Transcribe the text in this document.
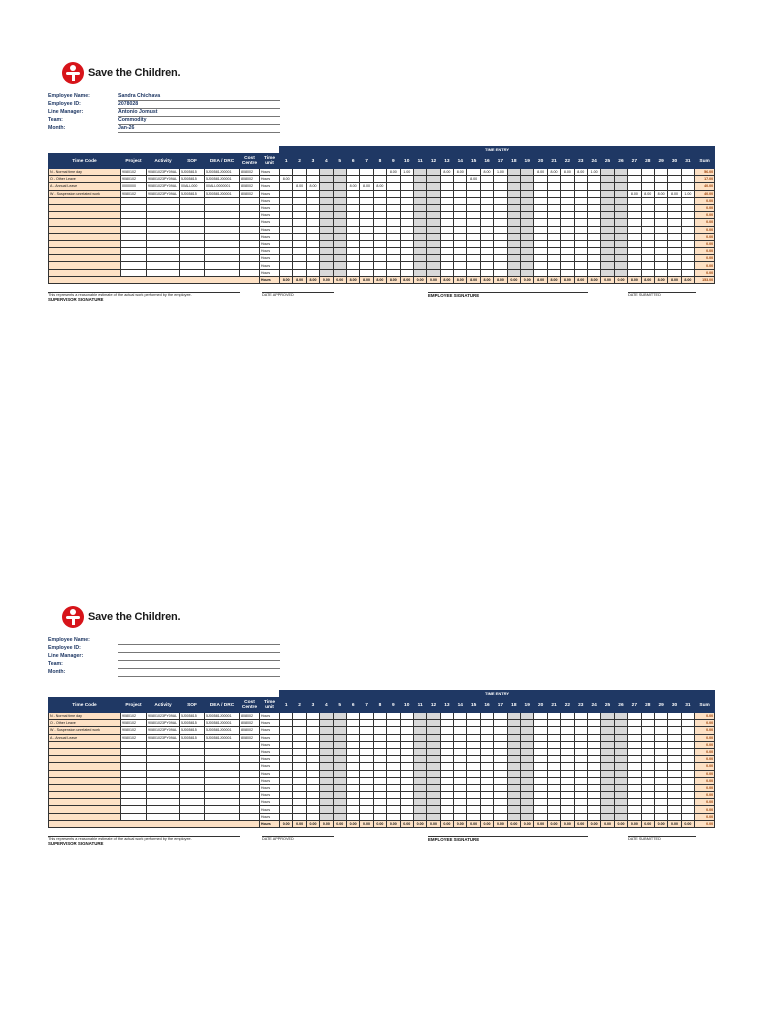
Save the Children.
Employee Name:	Sandra Chichava
Employee ID:	2078028
Line Manager:	Antonio Jomust
Team:	Commodity
Month:	Jan-26
							TIME ENTRY																															
Time Code	Project	Activity	SOF	DEA / DRC	Cost Centre	Time unit	1	2	3	4	5	6	7	8	9	10	11	12	13	14	15	16	17	18	19	20	21	22	23	24	25	26	27	28	29	30	31	Sum
N - Normal time day	9080102	90801023PY09AL	5J005815	5J00581J00001	808002	Hours									8.00	1.00			8.00	8.00		8.00	1.00			8.00	8.00	8.00	8.00	1.00								56.00
O - Other Leave	9080102	90801023PY09AL	5J005815	5J00581J00001	808002	Hours	8.00														8.00																	17.00
A - Annual Leave	0000000	90801023PY09AL	00ALL000	00ALL0000001	808002	Hours		8.00	8.00			8.00	8.00	8.00																								40.00
W - Suspension unrelated work	9080102	90801023PY09AL	5J005815	5J00581J00001	808002	Hours																											8.00	8.00	8.00	8.00	1.00	40.00
						Hours																																0.00
						Hours																																0.00
						Hours																																0.00
						Hours																																0.00
						Hours																																0.00
						Hours																																0.00
						Hours																																0.00
						Hours																																0.00
						Hours																																0.00
						Hours																																0.00
						Hours																																0.00
						Hours	8.00	8.00	8.00	0.00	0.00	8.00	8.00	8.00	8.00	8.00	0.00	0.00	8.00	8.00	8.00	8.00	8.00	0.00	0.00	8.00	8.00	8.00	8.00	8.00	0.00	0.00	8.00	8.00	8.00	8.00	8.00	153.00
This represents a reasonable estimate of the actual work performed by the employee.
SUPERVISOR SIGNATURE
DATE APPROVED	EMPLOYEE SIGNATURE	DATE SUBMITTED
Save the Children.
Employee Name:
Employee ID:
Line Manager:
Team:
Month:
							TIME ENTRY																															
Time Code	Project	Activity	SOF	DEA / DRC	Cost Centre	Time unit	1	2	3	4	5	6	7	8	9	10	11	12	13	14	15	16	17	18	19	20	21	22	23	24	25	26	27	28	29	30	31	Sum
N - Normal time day	9080102	90801023PY09AL	5J005815	5J00581J00001	808002	Hours																																0.00
O - Other Leave	9080102	90801023PY09AL	5J005815	5J00581J00001	808002	Hours																																0.00
W - Suspension unrelated work	9080102	90801023PY09AL	5J005815	5J00581J00001	808002	Hours																																0.00
A - Annual Leave	9080102	90801023PY09AL	5J005815	5J00581J00001	808002	Hours																																0.00
						Hours																																0.00
						Hours																																0.00
						Hours																																0.00
						Hours																																0.00
						Hours																																0.00
						Hours																																0.00
						Hours																																0.00
						Hours																																0.00
						Hours																																0.00
						Hours																																0.00
						Hours																																0.00
						Hours	0.00	0.00	0.00	0.00	0.00	0.00	0.00	0.00	0.00	0.00	0.00	0.00	0.00	0.00	0.00	0.00	0.00	0.00	0.00	0.00	0.00	0.00	0.00	0.00	0.00	0.00	0.00	0.00	0.00	0.00	0.00	0.00
This represents a reasonable estimate of the actual work performed by the employee.
SUPERVISOR SIGNATURE
DATE APPROVED	EMPLOYEE SIGNATURE	DATE SUBMITTED
